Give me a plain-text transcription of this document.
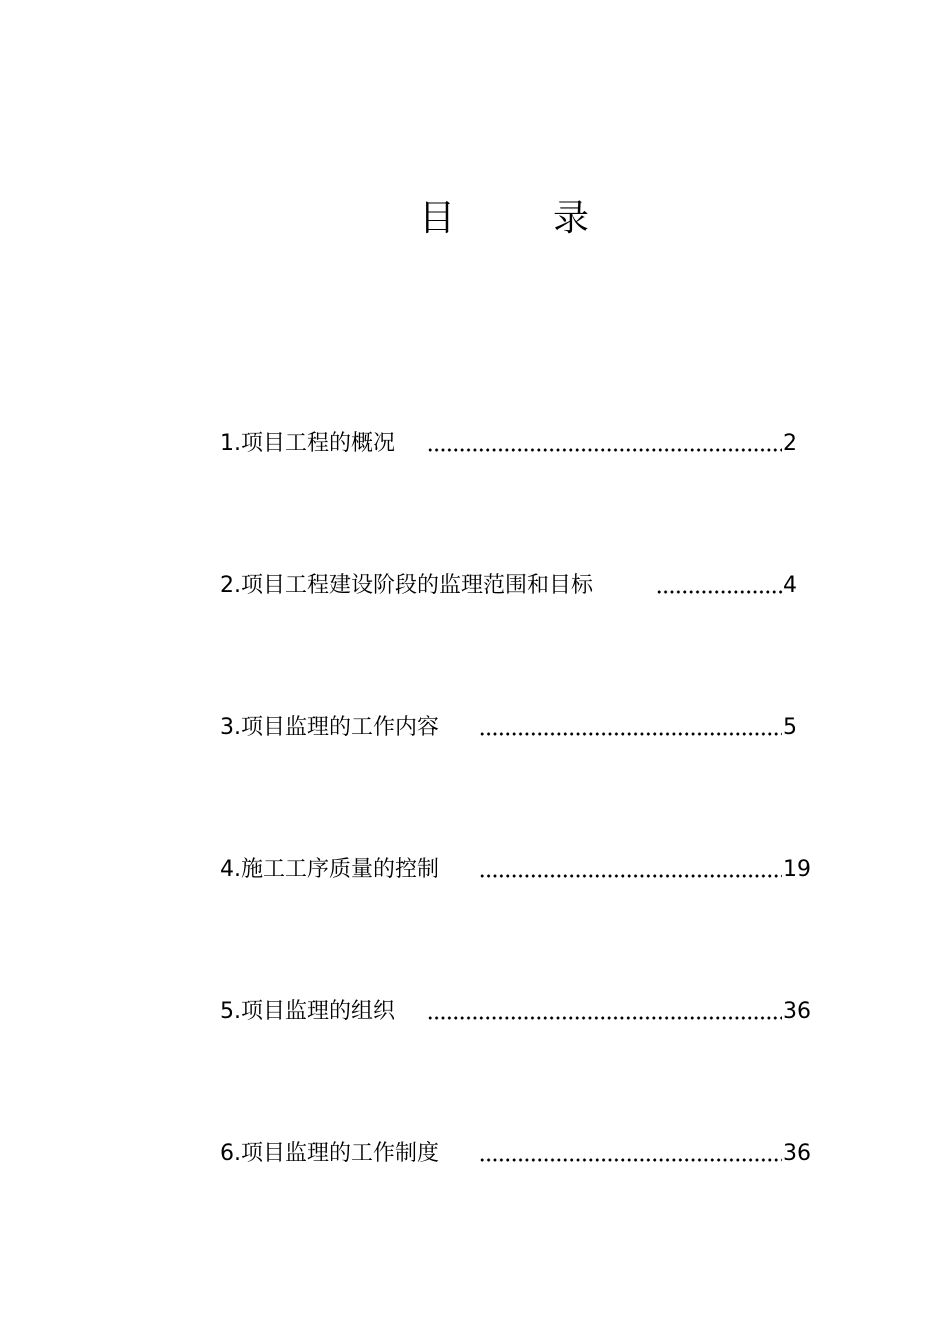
目	录
1.项目工程的概况	2
2.项目工程建设阶段的监理范围和目标	4
3.项目监理的工作内容	5
4.施工工序质量的控制	19
5.项目监理的组织	36
6.项目监理的工作制度	36
